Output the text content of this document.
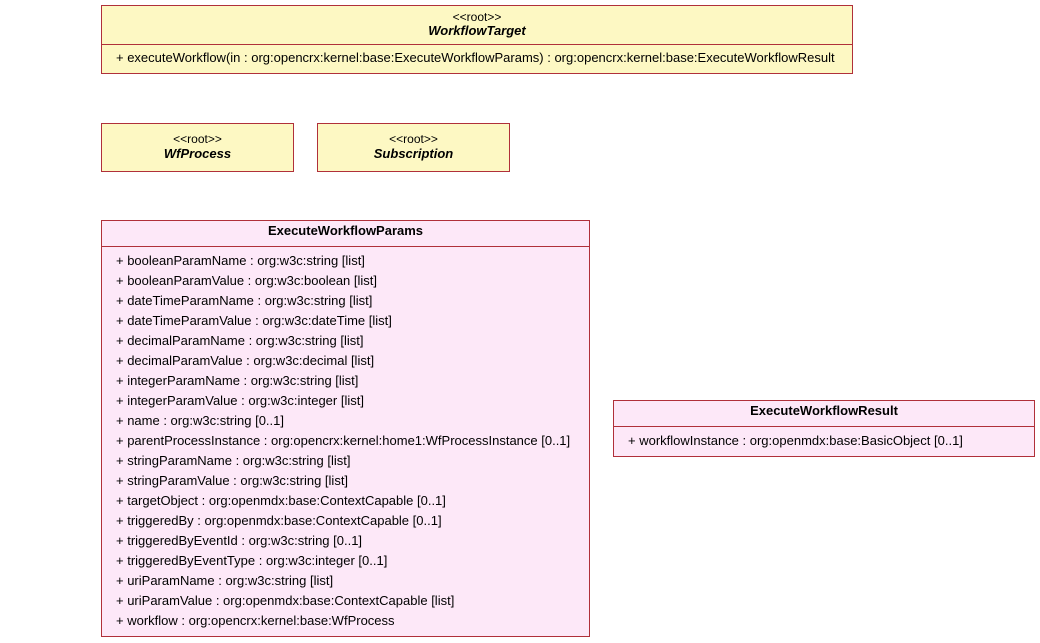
<<root>>
WorkflowTarget
+ executeWorkflow(in : org:opencrx:kernel:base:ExecuteWorkflowParams) : org:opencrx:kernel:base:ExecuteWorkflowResult
<<root>>
WfProcess
<<root>>
Subscription
ExecuteWorkflowParams
+ booleanParamName : org:w3c:string [list]
+ booleanParamValue : org:w3c:boolean [list]
+ dateTimeParamName : org:w3c:string [list]
+ dateTimeParamValue : org:w3c:dateTime [list]
+ decimalParamName : org:w3c:string [list]
+ decimalParamValue : org:w3c:decimal [list]
+ integerParamName : org:w3c:string [list]
+ integerParamValue : org:w3c:integer [list]
+ name : org:w3c:string [0..1]
+ parentProcessInstance : org:opencrx:kernel:home1:WfProcessInstance [0..1]
+ stringParamName : org:w3c:string [list]
+ stringParamValue : org:w3c:string [list]
+ targetObject : org:openmdx:base:ContextCapable [0..1]
+ triggeredBy : org:openmdx:base:ContextCapable [0..1]
+ triggeredByEventId : org:w3c:string [0..1]
+ triggeredByEventType : org:w3c:integer [0..1]
+ uriParamName : org:w3c:string [list]
+ uriParamValue : org:openmdx:base:ContextCapable [list]
+ workflow : org:opencrx:kernel:base:WfProcess
ExecuteWorkflowResult
+ workflowInstance : org:openmdx:base:BasicObject [0..1]
